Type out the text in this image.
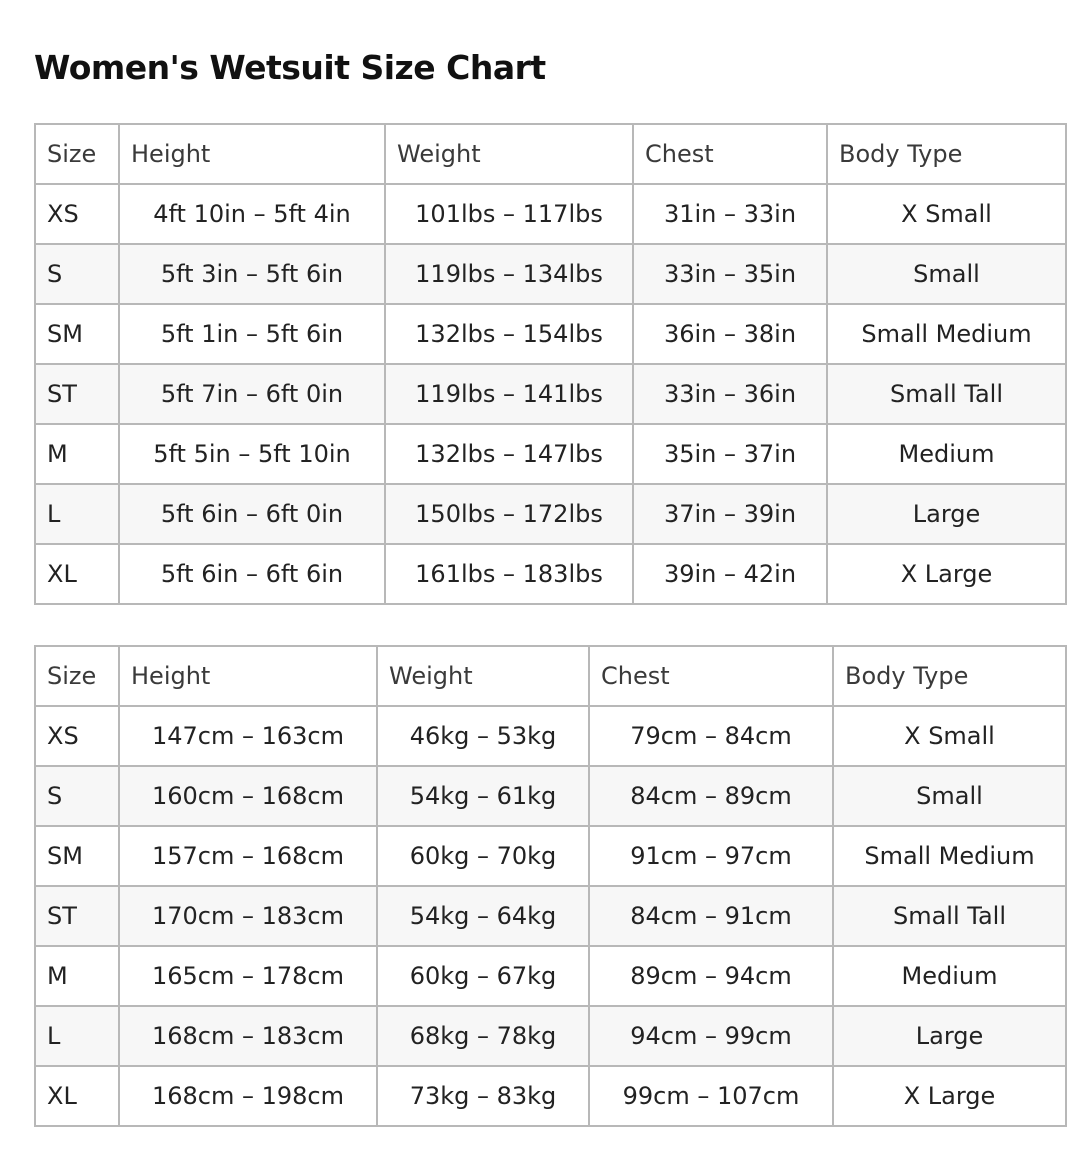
Women's Wetsuit Size Chart
Size	Height	Weight	Chest	Body Type
XS	4ft 10in – 5ft 4in	101lbs – 117lbs	31in – 33in	X Small
S	5ft 3in – 5ft 6in	119lbs – 134lbs	33in – 35in	Small
SM	5ft 1in – 5ft 6in	132lbs – 154lbs	36in – 38in	Small Medium
ST	5ft 7in – 6ft 0in	119lbs – 141lbs	33in – 36in	Small Tall
M	5ft 5in – 5ft 10in	132lbs – 147lbs	35in – 37in	Medium
L	5ft 6in – 6ft 0in	150lbs – 172lbs	37in – 39in	Large
XL	5ft 6in – 6ft 6in	161lbs – 183lbs	39in – 42in	X Large
Size	Height	Weight	Chest	Body Type
XS	147cm – 163cm	46kg – 53kg	79cm – 84cm	X Small
S	160cm – 168cm	54kg – 61kg	84cm – 89cm	Small
SM	157cm – 168cm	60kg – 70kg	91cm – 97cm	Small Medium
ST	170cm – 183cm	54kg – 64kg	84cm – 91cm	Small Tall
M	165cm – 178cm	60kg – 67kg	89cm – 94cm	Medium
L	168cm – 183cm	68kg – 78kg	94cm – 99cm	Large
XL	168cm – 198cm	73kg – 83kg	99cm – 107cm	X Large
